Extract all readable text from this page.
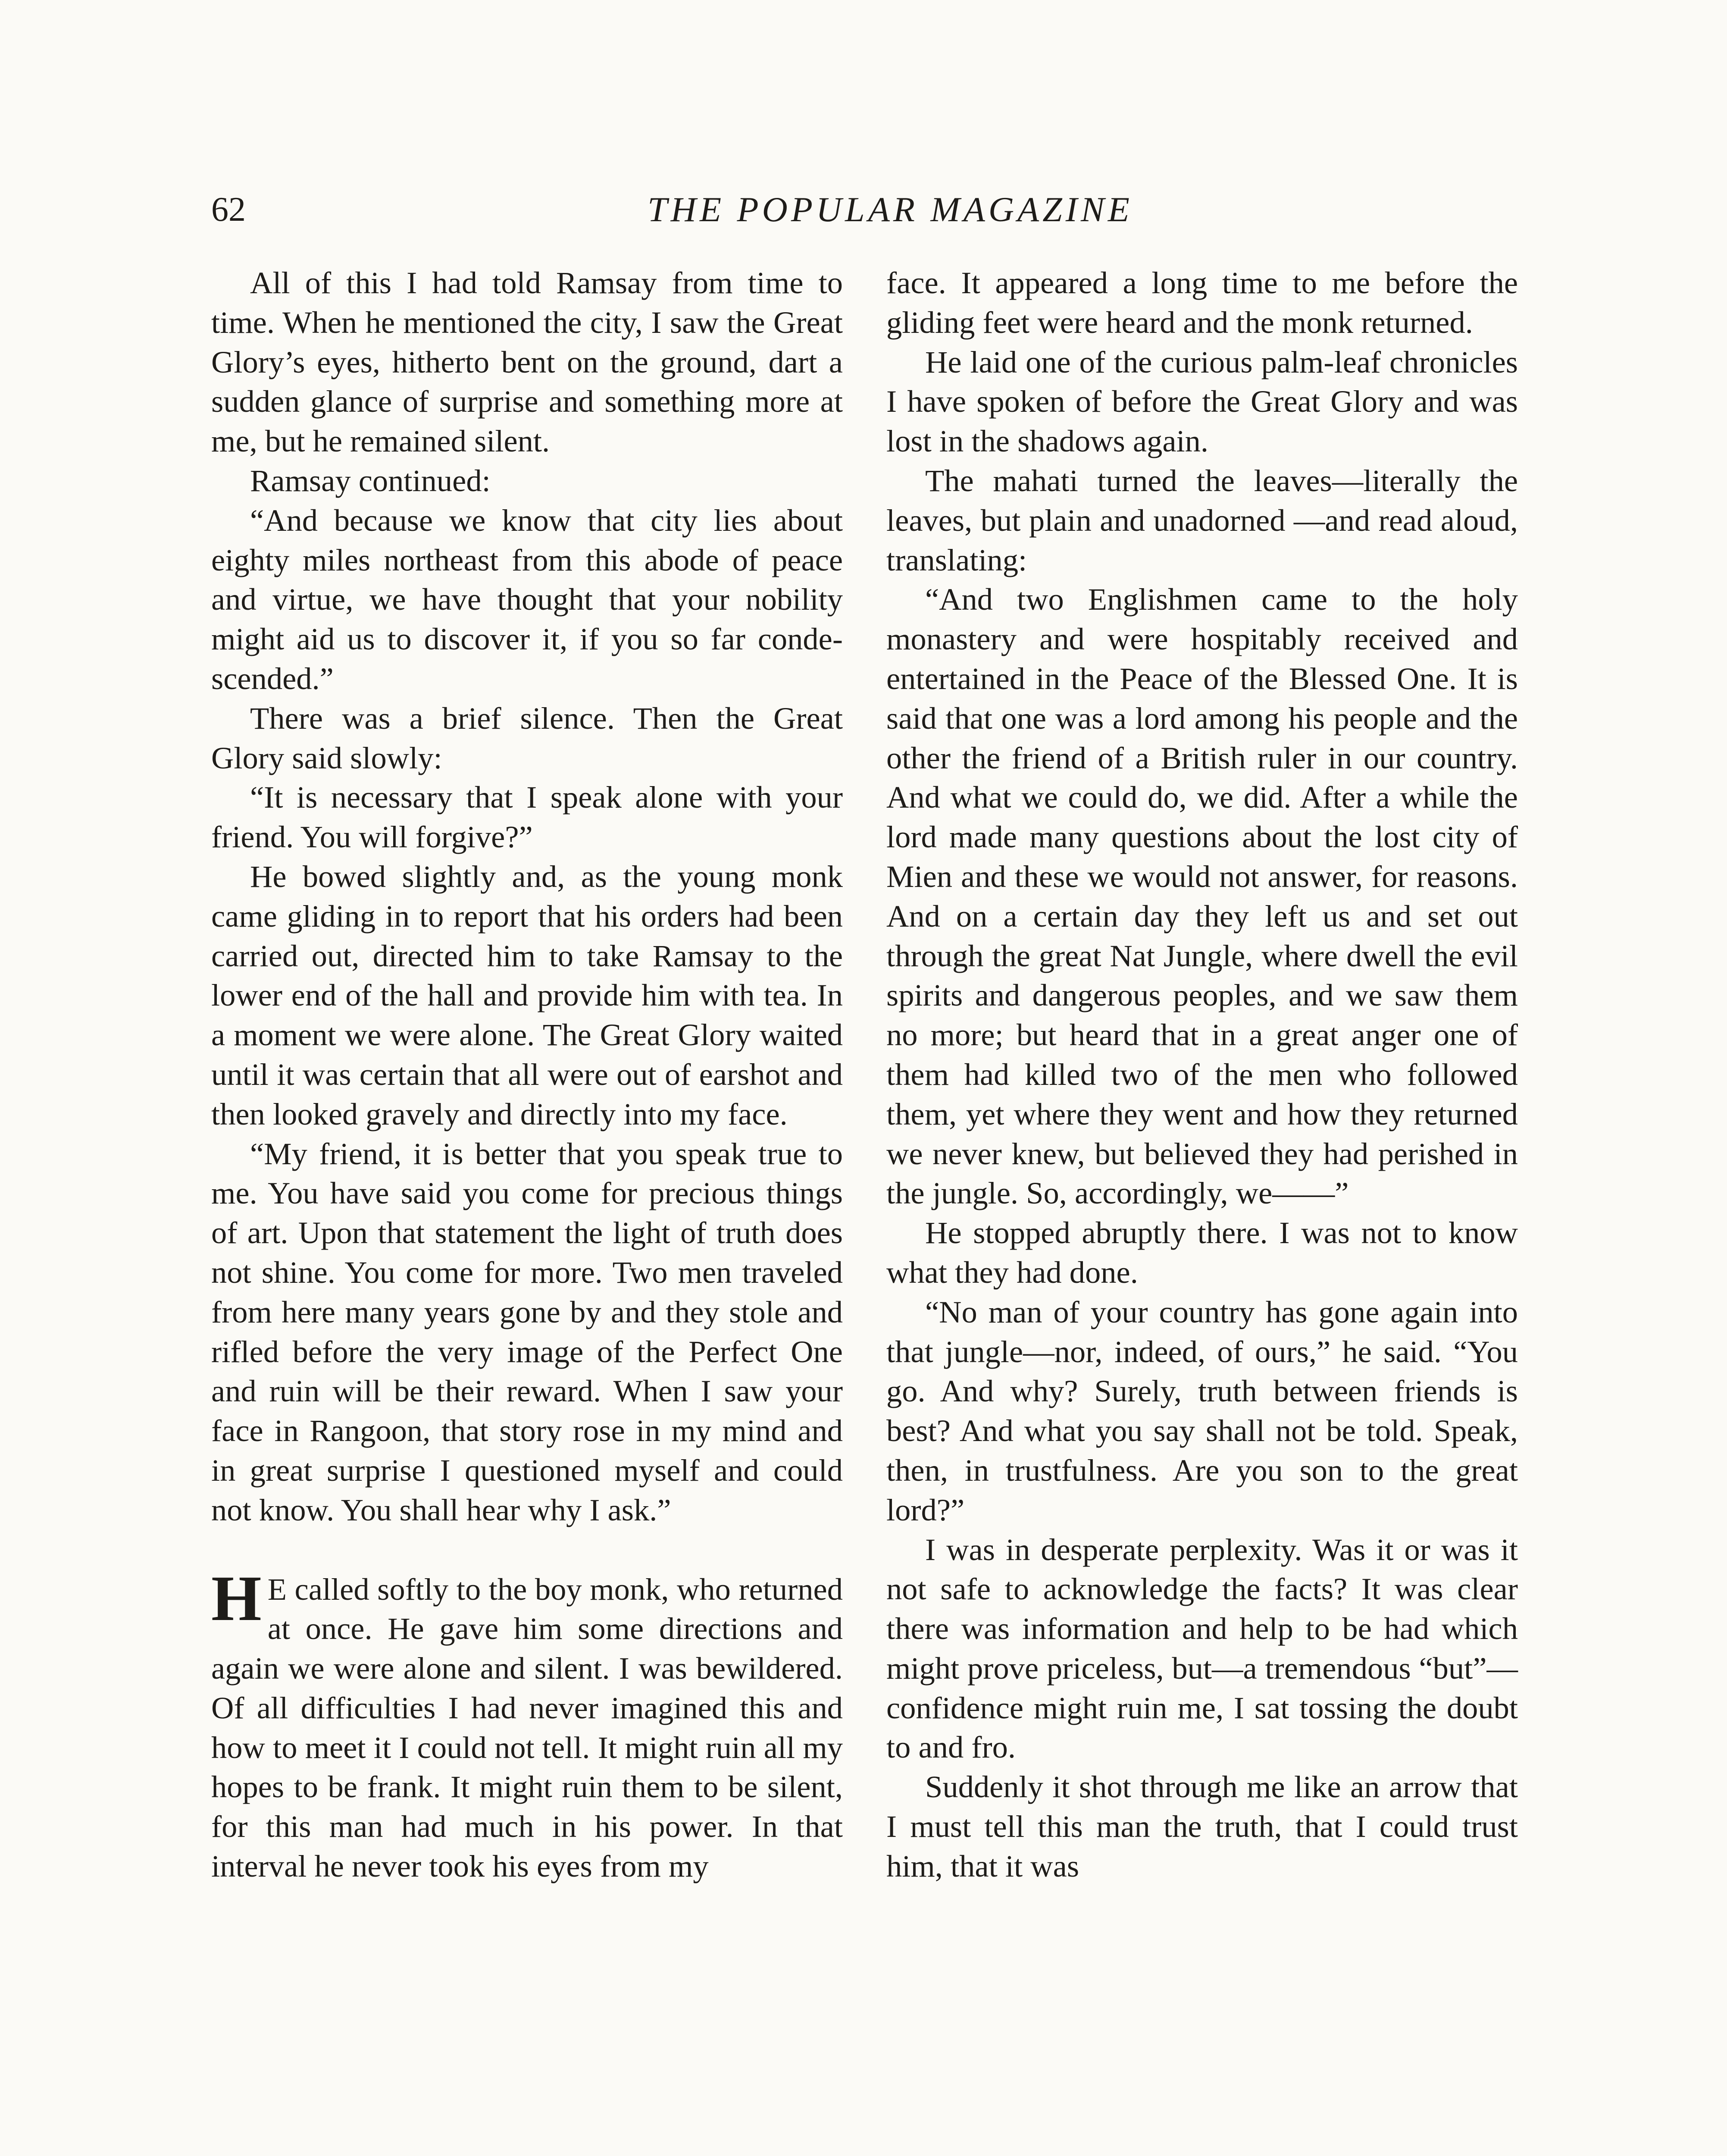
62	THE POPULAR MAGAZINE

All of this I had told Ramsay from time to time. When he mentioned the city, I saw the Great Glory’s eyes, hitherto bent on the ground, dart a sudden glance of surprise and something more at me, but he remained silent.

Ramsay continued:

“And because we know that city lies about eighty miles northeast from this abode of peace and virtue, we have thought that your nobility might aid us to discover it, if you so far condescended.”

There was a brief silence. Then the Great Glory said slowly:

“It is necessary that I speak alone with your friend. You will forgive?”

He bowed slightly and, as the young monk came gliding in to report that his orders had been carried out, directed him to take Ramsay to the lower end of the hall and provide him with tea. In a moment we were alone. The Great Glory waited until it was certain that all were out of earshot and then looked gravely and directly into my face.

“My friend, it is better that you speak true to me. You have said you come for precious things of art. Upon that statement the light of truth does not shine. You come for more. Two men traveled from here many years gone by and they stole and rifled before the very image of the Perfect One and ruin will be their reward. When I saw your face in Rangoon, that story rose in my mind and in great surprise I questioned myself and could not know. You shall hear why I ask.”

H E called softly to the boy monk, who returned at once. He gave him some directions and again we were alone and silent. I was bewildered. Of all difficulties I had never imagined this and how to meet it I could not tell. It might ruin all my hopes to be frank. It might ruin them to be silent, for this man had much in his power. In that interval he never took his eyes from my

face. It appeared a long time to me before the gliding feet were heard and the monk returned.

He laid one of the curious palm-leaf chronicles I have spoken of before the Great Glory and was lost in the shadows again.

The mahati turned the leaves—literally the leaves, but plain and unadorned —and read aloud, translating:

“And two Englishmen came to the holy monastery and were hospitably received and entertained in the Peace of the Blessed One. It is said that one was a lord among his people and the other the friend of a British ruler in our country. And what we could do, we did. After a while the lord made many questions about the lost city of Mien and these we would not answer, for reasons. And on a certain day they left us and set out through the great Nat Jungle, where dwell the evil spirits and dangerous peoples, and we saw them no more; but heard that in a great anger one of them had killed two of the men who followed them, yet where they went and how they returned we never knew, but believed they had perished in the jungle. So, accordingly, we——”

He stopped abruptly there. I was not to know what they had done.

“No man of your country has gone again into that jungle—nor, indeed, of ours,” he said. “You go. And why? Surely, truth between friends is best? And what you say shall not be told. Speak, then, in trustfulness. Are you son to the great lord?”

I was in desperate perplexity. Was it or was it not safe to acknowledge the facts? It was clear there was information and help to be had which might prove priceless, but—a tremendous “but”—confidence might ruin me, I sat tossing the doubt to and fro.

Suddenly it shot through me like an arrow that I must tell this man the truth, that I could trust him, that it was
